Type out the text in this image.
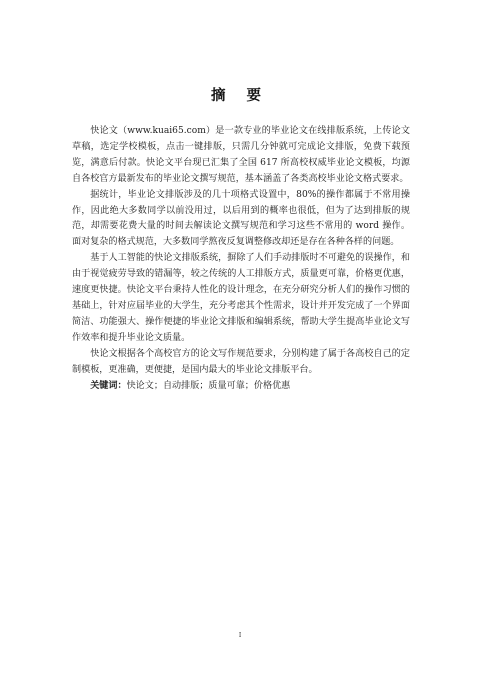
摘 要

快论文（www.kuai65.com）是一款专业的毕业论文在线排版系统，上传论文草稿，选定学校模板，点击一键排版，只需几分钟就可完成论文排版，免费下载预览，满意后付款。快论文平台现已汇集了全国 617 所高校权威毕业论文模板，均源自各校官方最新发布的毕业论文撰写规范，基本涵盖了各类高校毕业论文格式要求。

据统计，毕业论文排版涉及的几十项格式设置中，80%的操作都属于不常用操作，因此绝大多数同学以前没用过，以后用到的概率也很低，但为了达到排版的规范，却需要花费大量的时间去解读论文撰写规范和学习这些不常用的 word 操作。面对复杂的格式规范，大多数同学熬夜反复调整修改却还是存在各种各样的问题。

基于人工智能的快论文排版系统，摒除了人们手动排版时不可避免的误操作，和由于视觉疲劳导致的错漏等，较之传统的人工排版方式，质量更可靠，价格更优惠，速度更快捷。快论文平台秉持人性化的设计理念，在充分研究分析人们的操作习惯的基础上，针对应届毕业的大学生，充分考虑其个性需求，设计并开发完成了一个界面简洁、功能强大、操作便捷的毕业论文排版和编辑系统，帮助大学生提高毕业论文写作效率和提升毕业论文质量。

快论文根据各个高校官方的论文写作规范要求，分别构建了属于各高校自己的定制模板，更准确，更便捷，是国内最大的毕业论文排版平台。

关键词：快论文；自动排版；质量可靠；价格优惠

I
